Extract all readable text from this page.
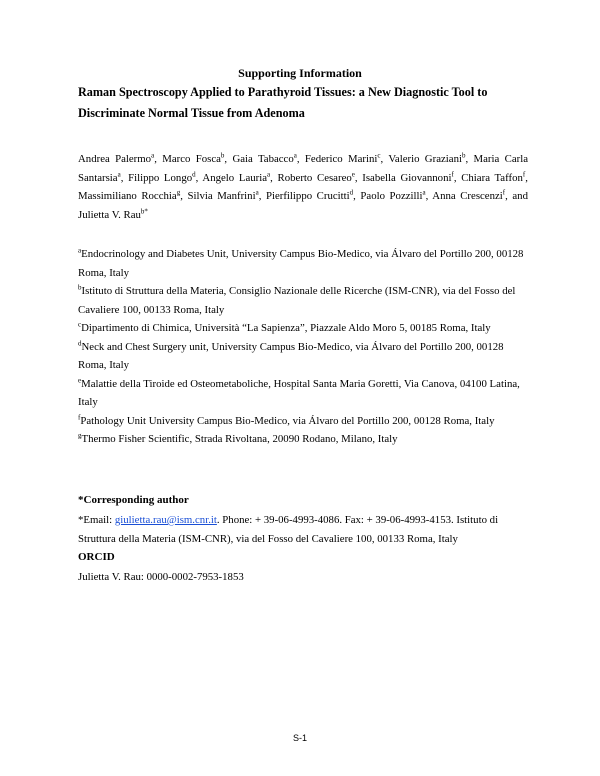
Supporting Information
Raman Spectroscopy Applied to Parathyroid Tissues: a New Diagnostic Tool to
Discriminate Normal Tissue from Adenoma
Andrea Palermo$^a$, Marco Fosca$^b$, Gaia Tabacco$^a$, Federico Marini$^c$, Valerio Graziani$^b$, Maria Carla Santarsia$^a$, Filippo Longo$^d$, Angelo Lauria$^a$, Roberto Cesareo$^e$, Isabella Giovannoni$^f$, Chiara Taffon$^f$, Massimiliano Rocchia$^g$, Silvia Manfrini$^a$, Pierfilippo Crucitti$^d$, Paolo Pozzilli$^a$, Anna Crescenzi$^f$, and Julietta V. Rau$^{b*}$
$^a$Endocrinology and Diabetes Unit, University Campus Bio-Medico, via Álvaro del Portillo 200, 00128 Roma, Italy
$^b$Istituto di Struttura della Materia, Consiglio Nazionale delle Ricerche (ISM-CNR), via del Fosso del Cavaliere 100, 00133 Roma, Italy
$^c$Dipartimento di Chimica, Università “La Sapienza”, Piazzale Aldo Moro 5, 00185 Roma, Italy
$^d$Neck and Chest Surgery unit, University Campus Bio-Medico, via Álvaro del Portillo 200, 00128 Roma, Italy
$^e$Malattie della Tiroide ed Osteometaboliche, Hospital Santa Maria Goretti, Via Canova, 04100 Latina, Italy
$^f$Pathology Unit University Campus Bio-Medico, via Álvaro del Portillo 200, 00128 Roma, Italy
$^g$Thermo Fisher Scientific, Strada Rivoltana, 20090 Rodano, Milano, Italy
*Corresponding author
*Email: giulietta.rau@ism.cnr.it. Phone: + 39-06-4993-4086. Fax: + 39-06-4993-4153. Istituto di Struttura della Materia (ISM-CNR), via del Fosso del Cavaliere 100, 00133 Roma, Italy
ORCID
Julietta V. Rau: 0000-0002-7953-1853
S-1
